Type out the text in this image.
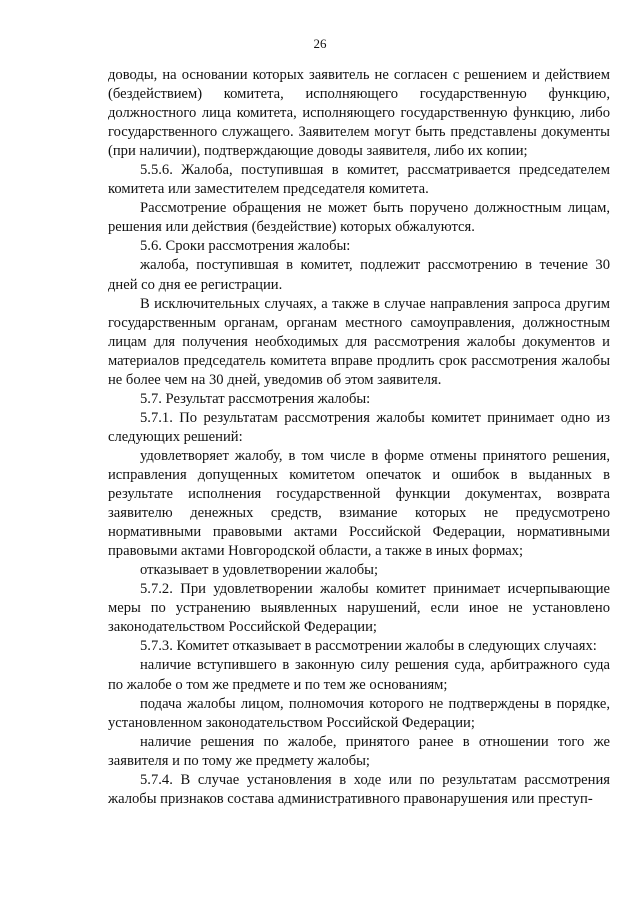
26

доводы, на основании которых заявитель не согласен с решением и действием (бездействием) комитета, исполняющего государственную функцию, должностного лица комитета, исполняющего государственную функцию, либо государственного служащего. Заявителем могут быть представлены документы (при наличии), подтверждающие доводы заявителя, либо их копии;

5.5.6. Жалоба, поступившая в комитет, рассматривается председателем комитета или заместителем председателя комитета.

Рассмотрение обращения не может быть поручено должностным лицам, решения или действия (бездействие) которых обжалуются.

5.6. Сроки рассмотрения жалобы:

жалоба, поступившая в комитет, подлежит рассмотрению в течение 30 дней со дня ее регистрации.

В исключительных случаях, а также в случае направления запроса другим государственным органам, органам местного самоуправления, должностным лицам для получения необходимых для рассмотрения жалобы документов и материалов председатель комитета вправе продлить срок рассмотрения жалобы не более чем на 30 дней, уведомив об этом заявителя.

5.7. Результат рассмотрения жалобы:

5.7.1. По результатам рассмотрения жалобы комитет принимает одно из следующих решений:

удовлетворяет жалобу, в том числе в форме отмены принятого решения, исправления допущенных комитетом опечаток и ошибок в выданных в результате исполнения государственной функции документах, возврата заявителю денежных средств, взимание которых не предусмотрено нормативными правовыми актами Российской Федерации, нормативными правовыми актами Новгородской области, а также в иных формах;

отказывает в удовлетворении жалобы;

5.7.2. При удовлетворении жалобы комитет принимает исчерпывающие меры по устранению выявленных нарушений, если иное не установлено законодательством Российской Федерации;

5.7.3. Комитет отказывает в рассмотрении жалобы в следующих случаях:

наличие вступившего в законную силу решения суда, арбитражного суда по жалобе о том же предмете и по тем же основаниям;

подача жалобы лицом, полномочия которого не подтверждены в порядке, установленном законодательством Российской Федерации;

наличие решения по жалобе, принятого ранее в отношении того же заявителя и по тому же предмету жалобы;

5.7.4. В случае установления в ходе или по результатам рассмотрения жалобы признаков состава административного правонарушения или преступ-
